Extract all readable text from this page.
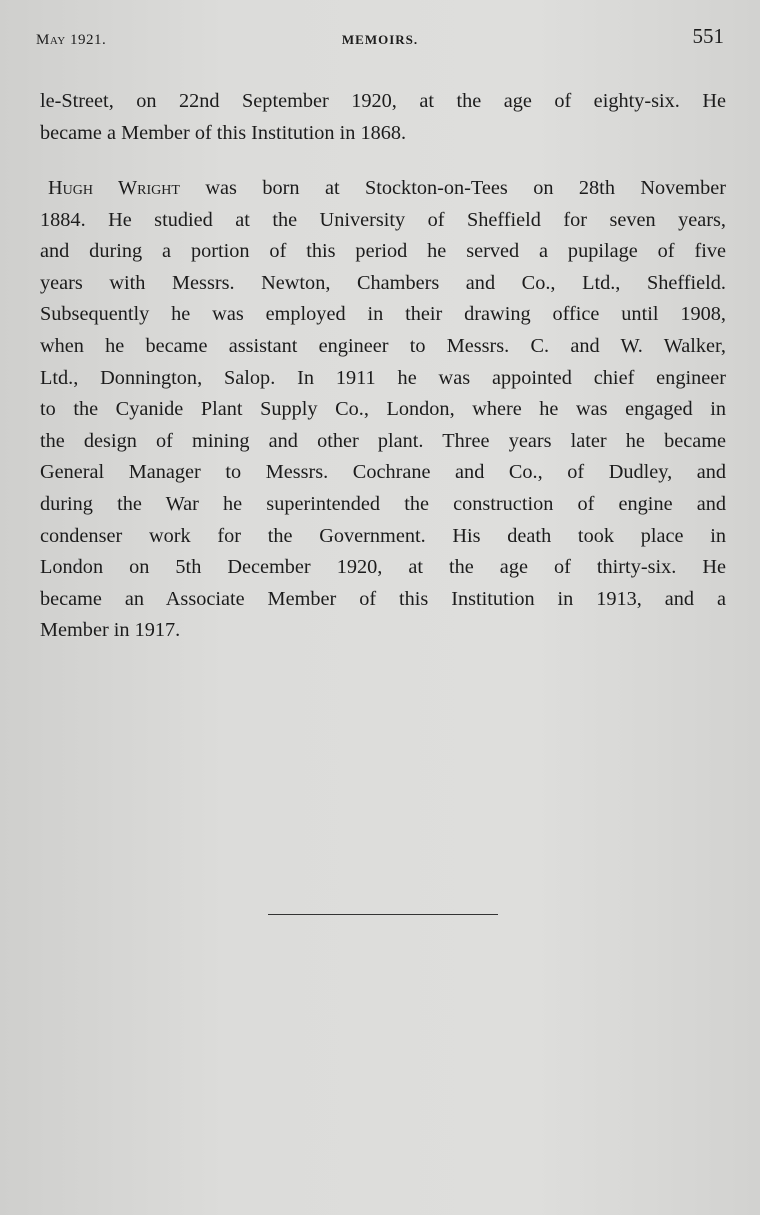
May 1921.	MEMOIRS.	551
le-Street, on 22nd September 1920, at the age of eighty-six. He
became a Member of this Institution in 1868.
Hugh Wright was born at Stockton-on-Tees on 28th November
1884. He studied at the University of Sheffield for seven years,
and during a portion of this period he served a pupilage of five
years with Messrs. Newton, Chambers and Co., Ltd., Sheffield.
Subsequently he was employed in their drawing office until 1908,
when he became assistant engineer to Messrs. C. and W. Walker,
Ltd., Donnington, Salop. In 1911 he was appointed chief engineer
to the Cyanide Plant Supply Co., London, where he was engaged in
the design of mining and other plant. Three years later he became
General Manager to Messrs. Cochrane and Co., of Dudley, and
during the War he superintended the construction of engine and
condenser work for the Government. His death took place in
London on 5th December 1920, at the age of thirty-six. He
became an Associate Member of this Institution in 1913, and a
Member in 1917.
